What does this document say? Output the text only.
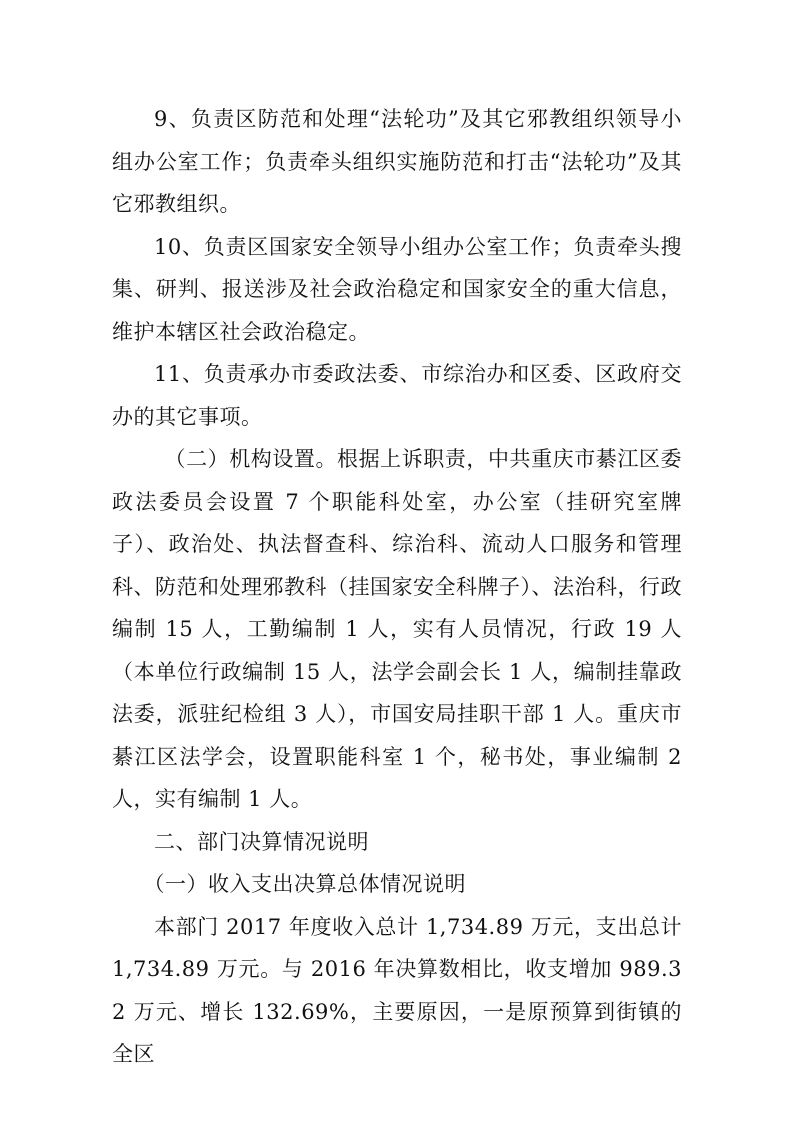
9、负责区防范和处理“法轮功”及其它邪教组织领导小组办公室工作；负责牵头组织实施防范和打击“法轮功”及其它邪教组织。

10、负责区国家安全领导小组办公室工作；负责牵头搜集、研判、报送涉及社会政治稳定和国家安全的重大信息，维护本辖区社会政治稳定。

11、负责承办市委政法委、市综治办和区委、区政府交办的其它事项。

（二）机构设置。根据上诉职责，中共重庆市綦江区委政法委员会设置 7 个职能科处室，办公室（挂研究室牌子）、政治处、执法督查科、综治科、流动人口服务和管理科、防范和处理邪教科（挂国家安全科牌子）、法治科，行政编制 15 人，工勤编制 1 人，实有人员情况，行政 19 人（本单位行政编制 15 人，法学会副会长 1 人，编制挂靠政法委，派驻纪检组 3 人），市国安局挂职干部 1 人。重庆市綦江区法学会，设置职能科室 1 个，秘书处，事业编制 2 人，实有编制 1 人。

二、部门决算情况说明

（一）收入支出决算总体情况说明

本部门 2017 年度收入总计 1,734.89 万元，支出总计 1,734.89 万元。与 2016 年决算数相比，收支增加 989.32 万元、增长 132.69%，主要原因，一是原预算到街镇的全区
